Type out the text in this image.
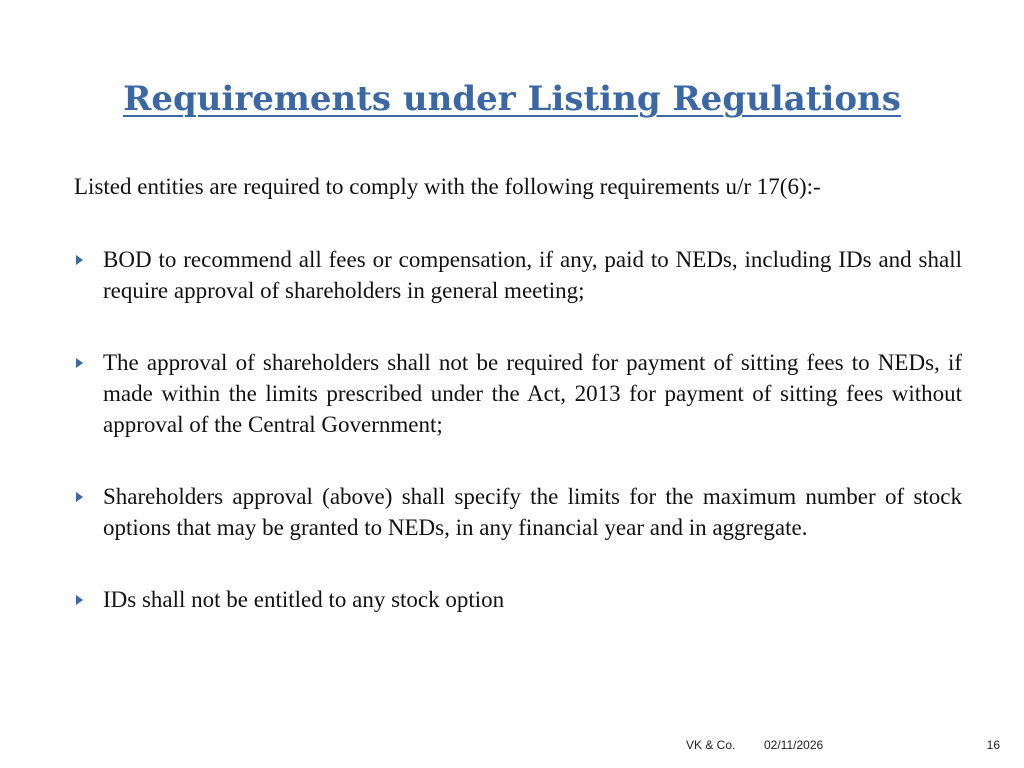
Requirements under Listing Regulations

Listed entities are required to comply with the following requirements u/r 17(6):-

BOD to recommend all fees or compensation, if any, paid to NEDs, including IDs and shall require approval of shareholders in general meeting;
The approval of shareholders shall not be required for payment of sitting fees to NEDs, if made within the limits prescribed under the Act, 2013 for payment of sitting fees without approval of the Central Government;
Shareholders approval (above) shall specify the limits for the maximum number of stock options that may be granted to NEDs, in any financial year and in aggregate.
IDs shall not be entitled to any stock option
VK & Co. 02/11/2026	16
